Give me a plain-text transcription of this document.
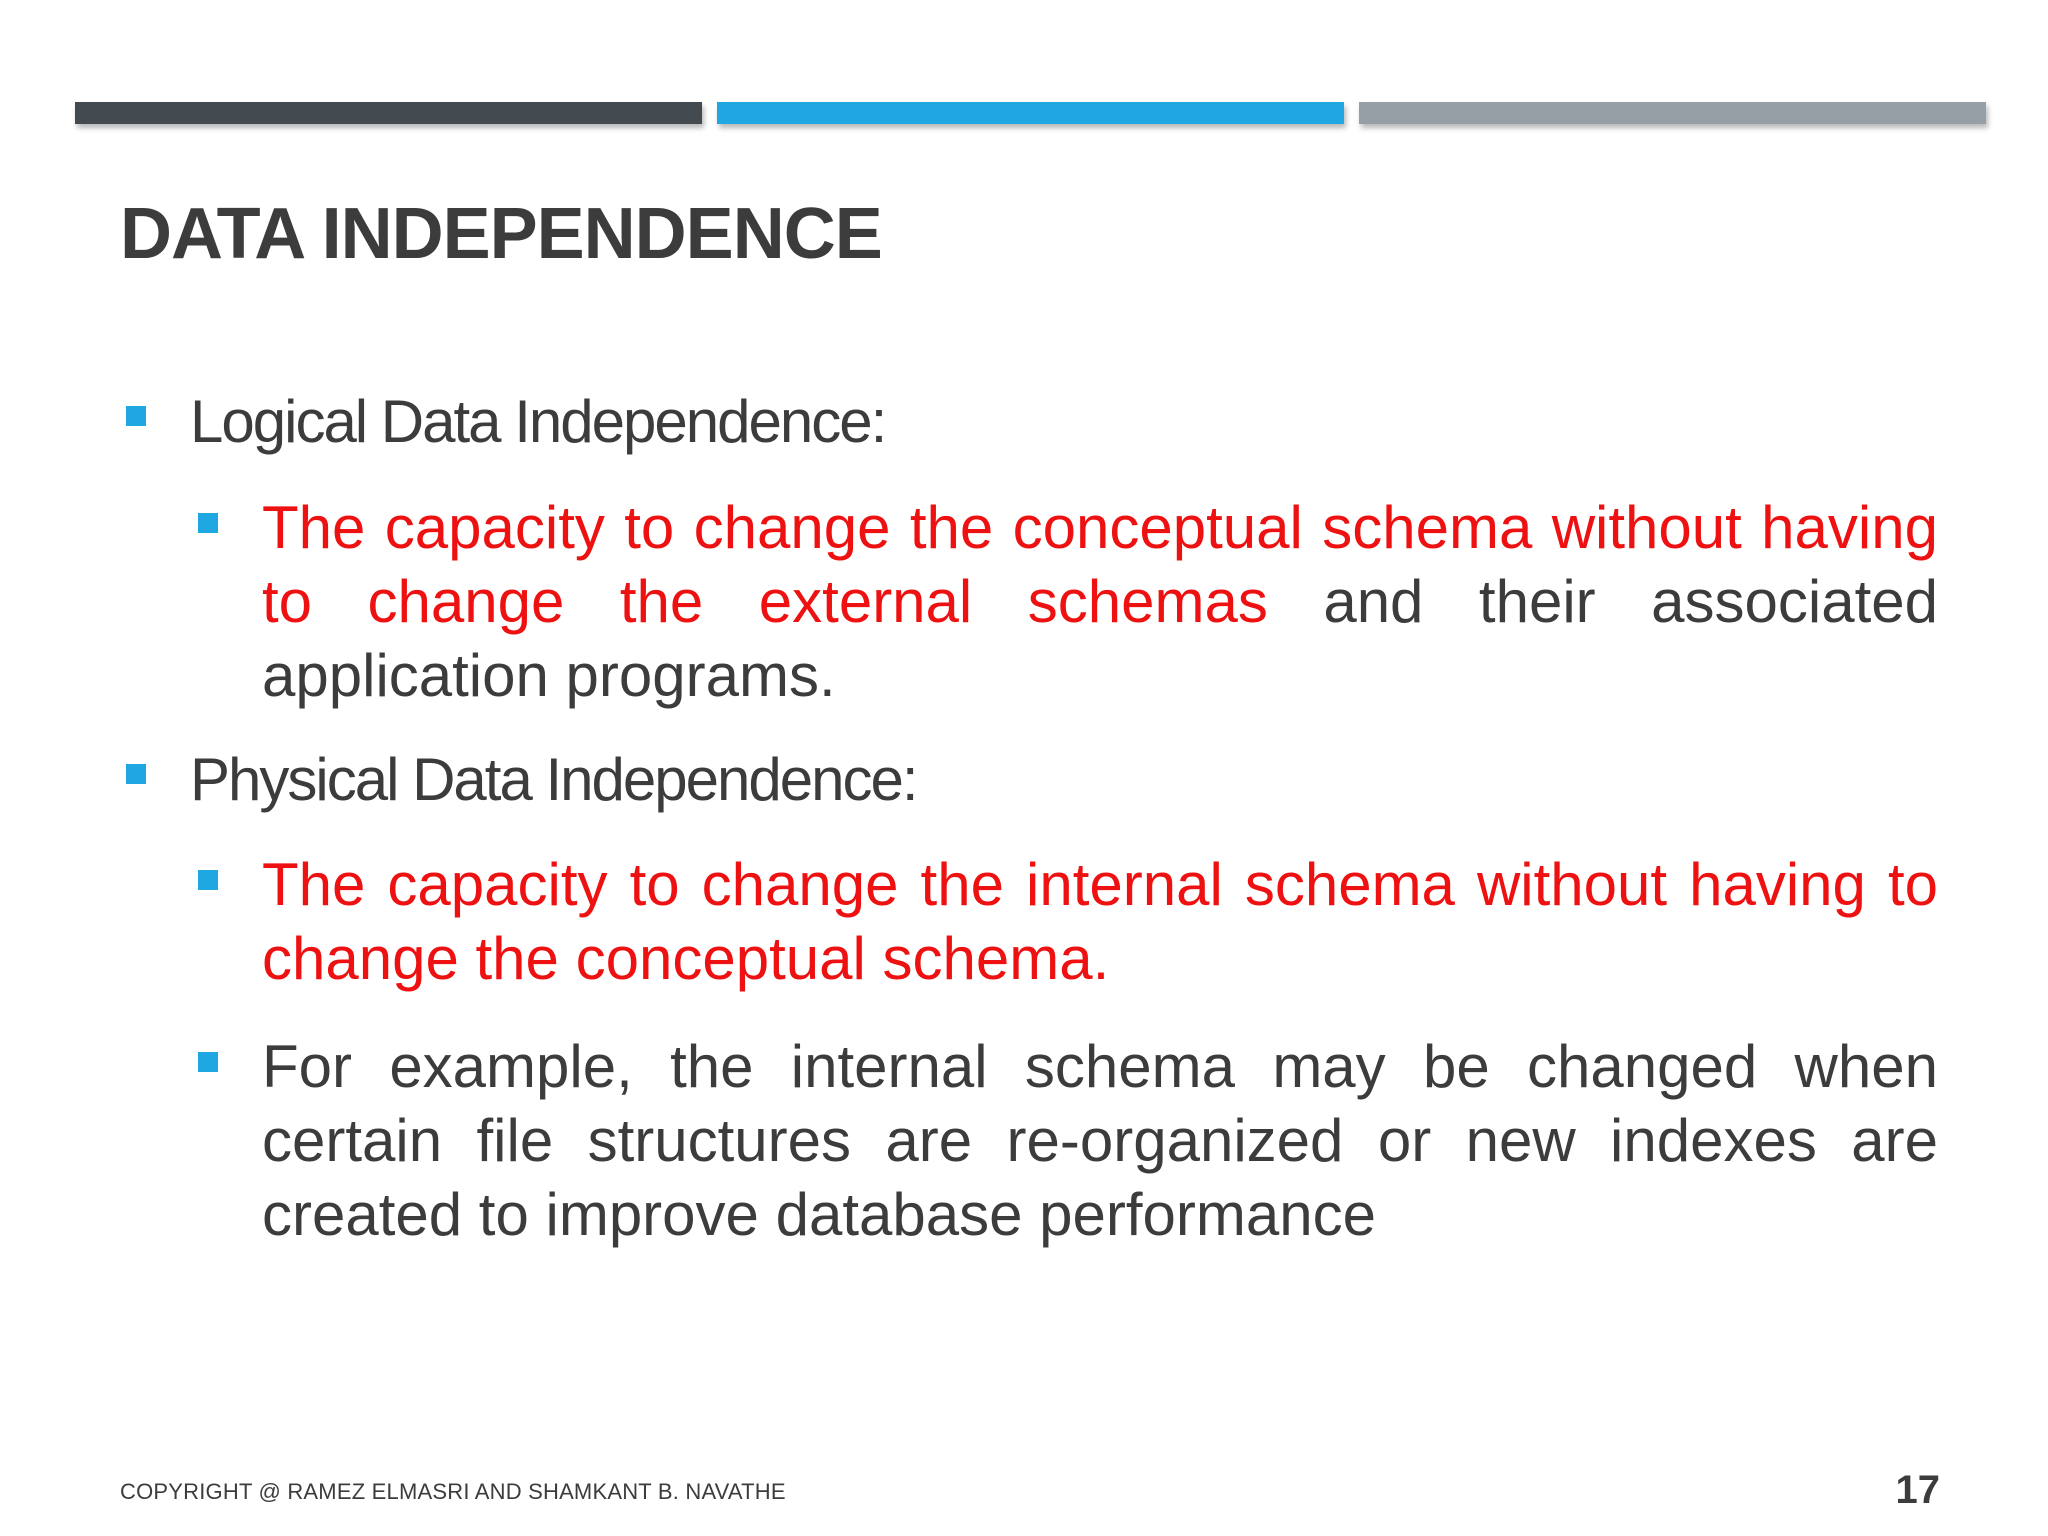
DATA INDEPENDENCE
Logical Data Independence:
The capacity to change the conceptual schema without having to change the external schemas and their associated application programs.
Physical Data Independence:
The capacity to change the internal schema without having to change the conceptual schema.
For example, the internal schema may be changed when certain file structures are re-organized or new indexes are created to improve database performance
COPYRIGHT @ RAMEZ ELMASRI AND SHAMKANT B. NAVATHE	17
